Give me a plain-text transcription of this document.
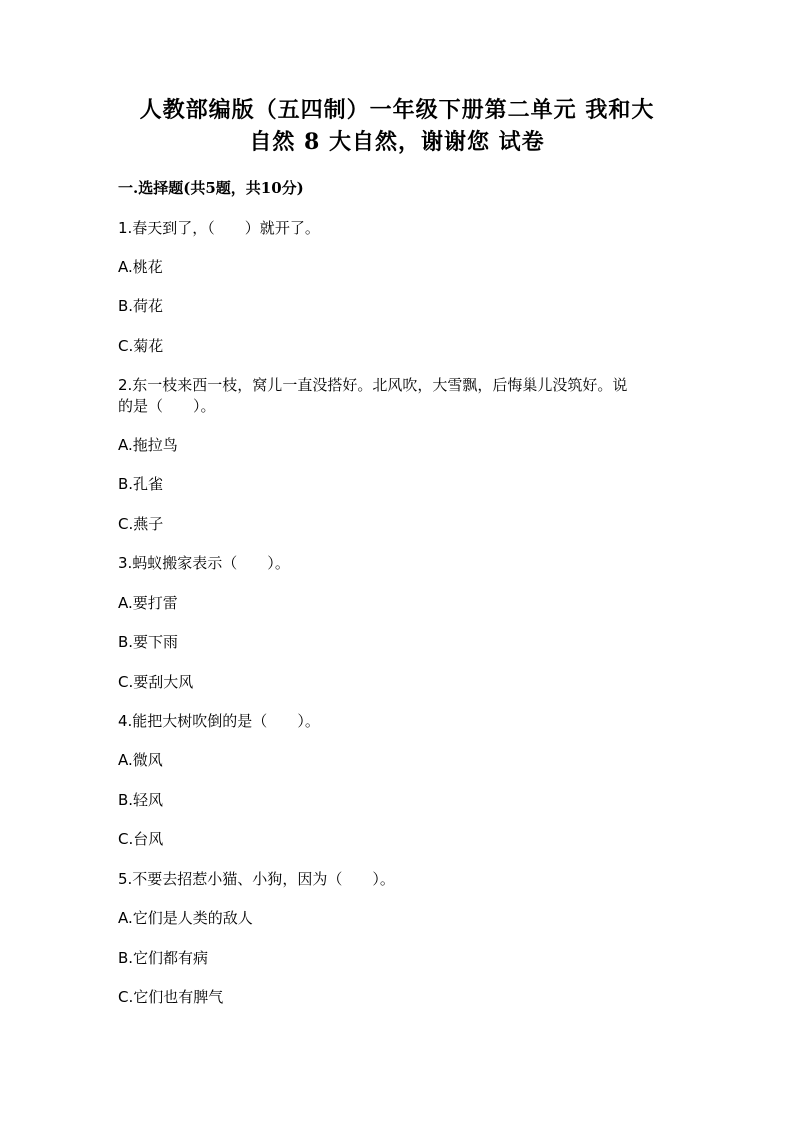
人教部编版（五四制）一年级下册第二单元 我和大
自然 8 大自然，谢谢您 试卷
一.选择题(共5题，共10分)
1.春天到了，（　　）就开了。
A.桃花
B.荷花
C.菊花
2.东一枝来西一枝，窝儿一直没搭好。北风吹，大雪飘，后悔巢儿没筑好。说
的是（　　）。
A.拖拉鸟
B.孔雀
C.燕子
3.蚂蚁搬家表示（　　）。
A.要打雷
B.要下雨
C.要刮大风
4.能把大树吹倒的是（　　）。
A.微风
B.轻风
C.台风
5.不要去招惹小猫、小狗，因为（　　）。
A.它们是人类的敌人
B.它们都有病
C.它们也有脾气
